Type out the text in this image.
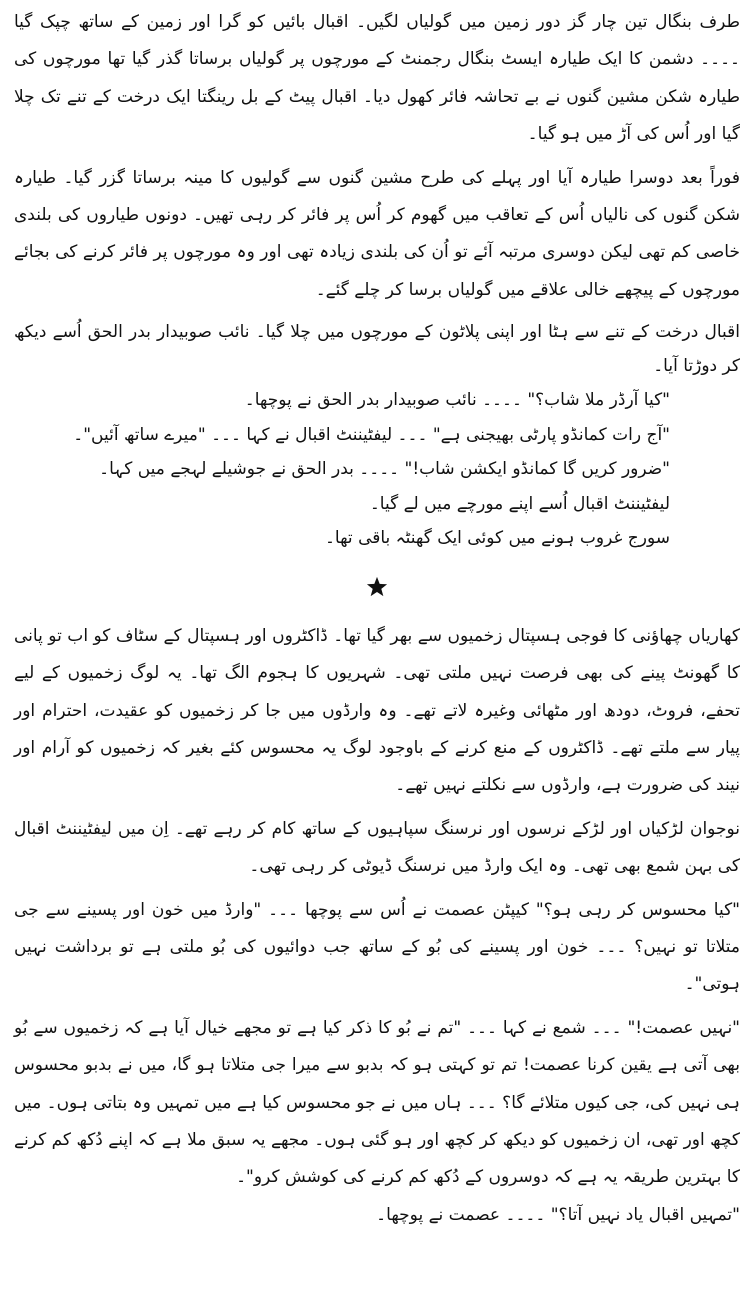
طرف بنگال تین چار گز دور زمین میں گولیاں لگیں۔ اقبال بائیں کو گرا اور زمین کے ساتھ چپک گیا ۔۔۔۔ دشمن کا ایک طیارہ ایسٹ بنگال رجمنٹ کے مورچوں پر گولیاں برساتا گذر گیا تھا مورچوں کی طیارہ شکن مشین گنوں نے بے تحاشہ فائر کھول دیا۔ اقبال پیٹ کے بل رینگتا ایک درخت کے تنے تک چلا گیا اور اُس کی آڑ میں ہو گیا۔

فوراً بعد دوسرا طیارہ آیا اور پہلے کی طرح مشین گنوں سے گولیوں کا مینہ برساتا گزر گیا۔ طیارہ شکن گنوں کی نالیاں اُس کے تعاقب میں گھوم کر اُس پر فائر کر رہی تھیں۔ دونوں طیاروں کی بلندی خاصی کم تھی لیکن دوسری مرتبہ آئے تو اُن کی بلندی زیادہ تھی اور وہ مورچوں پر فائر کرنے کی بجائے مورچوں کے پیچھے خالی علاقے میں گولیاں برسا کر چلے گئے۔

اقبال درخت کے تنے سے ہٹا اور اپنی پلاٹون کے مورچوں میں چلا گیا۔ نائب صوبیدار بدر الحق اُسے دیکھ کر دوڑتا آیا۔

"کیا آرڈر ملا شاب؟" ۔۔۔۔ نائب صوبیدار بدر الحق نے پوچھا۔

"آج رات کمانڈو پارٹی بھیجنی ہے" ۔۔۔ لیفٹیننٹ اقبال نے کہا ۔۔۔ "میرے ساتھ آئیں"۔

"ضرور کریں گا کمانڈو ایکشن شاب!" ۔۔۔۔ بدر الحق نے جوشیلے لہجے میں کہا۔

لیفٹیننٹ اقبال اُسے اپنے مورچے میں لے گیا۔

سورج غروب ہونے میں کوئی ایک گھنٹہ باقی تھا۔

کھاریاں چھاؤنی کا فوجی ہسپتال زخمیوں سے بھر گیا تھا۔ ڈاکٹروں اور ہسپتال کے سٹاف کو اب تو پانی کا گھونٹ پینے کی بھی فرصت نہیں ملتی تھی۔ شہریوں کا ہجوم الگ تھا۔ یہ لوگ زخمیوں کے لیے تحفے، فروٹ، دودھ اور مٹھائی وغیرہ لاتے تھے۔ وہ وارڈوں میں جا کر زخمیوں کو عقیدت، احترام اور پیار سے ملتے تھے۔ ڈاکٹروں کے منع کرنے کے باوجود لوگ یہ محسوس کئے بغیر کہ زخمیوں کو آرام اور نیند کی ضرورت ہے، وارڈوں سے نکلتے نہیں تھے۔

نوجوان لڑکیاں اور لڑکے نرسوں اور نرسنگ سپاہیوں کے ساتھ کام کر رہے تھے۔ اِن میں لیفٹیننٹ اقبال کی بہن شمع بھی تھی۔ وہ ایک وارڈ میں نرسنگ ڈیوٹی کر رہی تھی۔

"کیا محسوس کر رہی ہو؟" کیپٹن عصمت نے اُس سے پوچھا ۔۔۔ "وارڈ میں خون اور پسینے سے جی متلاتا تو نہیں؟ ۔۔۔ خون اور پسینے کی بُو کے ساتھ جب دوائیوں کی بُو ملتی ہے تو برداشت نہیں ہوتی"۔

"نہیں عصمت!" ۔۔۔ شمع نے کہا ۔۔۔ "تم نے بُو کا ذکر کیا ہے تو مجھے خیال آیا ہے کہ زخمیوں سے بُو بھی آتی ہے یقین کرنا عصمت! تم تو کہتی ہو کہ بدبو سے میرا جی متلاتا ہو گا، میں نے بدبو محسوس ہی نہیں کی، جی کیوں متلائے گا؟ ۔۔۔ ہاں میں نے جو محسوس کیا ہے میں تمہیں وہ بتاتی ہوں۔ میں کچھ اور تھی، ان زخمیوں کو دیکھ کر کچھ اور ہو گئی ہوں۔ مجھے یہ سبق ملا ہے کہ اپنے دُکھ کم کرنے کا بہترین طریقہ یہ ہے کہ دوسروں کے دُکھ کم کرنے کی کوشش کرو"۔

"تمہیں اقبال یاد نہیں آتا؟" ۔۔۔۔ عصمت نے پوچھا۔
